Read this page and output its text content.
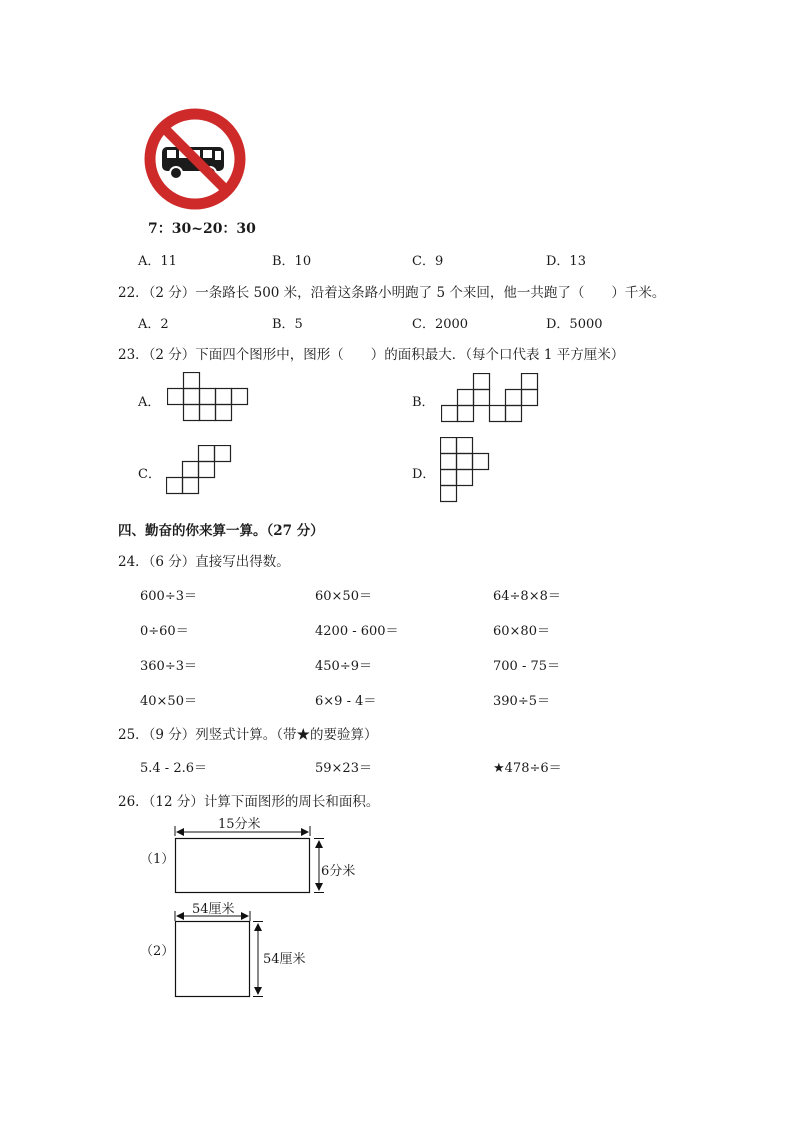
7：30~20：30
A．11	B．10	C．9	D．13
22．（2 分）一条路长 500 米，沿着这条路小明跑了 5 个来回，他一共跑了（　　）千米。
A．2	B．5	C．2000	D．5000
23．（2 分）下面四个图形中，图形（　　）的面积最大．（每个口代表 1 平方厘米）
A．	B．
C．	D．
四、勤奋的你来算一算。（27 分）
24．（6 分）直接写出得数。
600÷3＝	60×50＝	64÷8×8＝
0÷60＝	4200 - 600＝	60×80＝
360÷3＝	450÷9＝	700 - 75＝
40×50＝	6×9 - 4＝	390÷5＝
25．（9 分）列竖式计算。（带★的要验算）
5.4 - 2.6＝	59×23＝	★478÷6＝
26．（12 分）计算下面图形的周长和面积。
15分米
6分米
（1）
54厘米
54厘米
（2）
